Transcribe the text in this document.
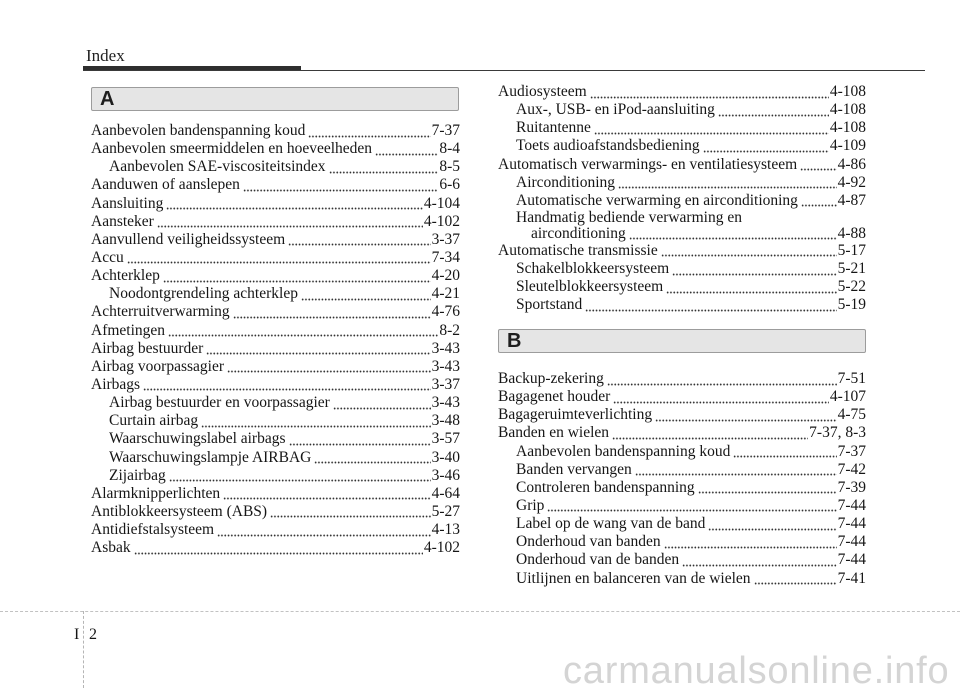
Index
A
Aanbevolen bandenspanning koud	7-37
Aanbevolen smeermiddelen en hoeveelheden	8-4
Aanbevolen SAE-viscositeitsindex	8-5
Aanduwen of aanslepen	6-6
Aansluiting	4-104
Aansteker	4-102
Aanvullend veiligheidssysteem	3-37
Accu	7-34
Achterklep	4-20
Noodontgrendeling achterklep	4-21
Achterruitverwarming	4-76
Afmetingen	8-2
Airbag bestuurder	3-43
Airbag voorpassagier	3-43
Airbags	3-37
Airbag bestuurder en voorpassagier	3-43
Curtain airbag	3-48
Waarschuwingslabel airbags	3-57
Waarschuwingslampje AIRBAG	3-40
Zijairbag	3-46
Alarmknipperlichten	4-64
Antiblokkeersysteem (ABS)	5-27
Antidiefstalsysteem	4-13
Asbak	4-102
Audiosysteem	4-108
Aux-, USB- en iPod-aansluiting	4-108
Ruitantenne	4-108
Toets audioafstandsbediening	4-109
Automatisch verwarmings- en ventilatiesysteem	4-86
Airconditioning	4-92
Automatische verwarming en airconditioning	4-87
Handmatig bediende verwarming en
airconditioning	4-88
Automatische transmissie	5-17
Schakelblokkeersysteem	5-21
Sleutelblokkeersysteem	5-22
Sportstand	5-19
B
Backup-zekering	7-51
Bagagenet houder	4-107
Bagageruimteverlichting	4-75
Banden en wielen	7-37, 8-3
Aanbevolen bandenspanning koud	7-37
Banden vervangen	7-42
Controleren bandenspanning	7-39
Grip	7-44
Label op de wang van de band	7-44
Onderhoud van banden	7-44
Onderhoud van de banden	7-44
Uitlijnen en balanceren van de wielen	7-41
I 2
carmanualsonline.info
